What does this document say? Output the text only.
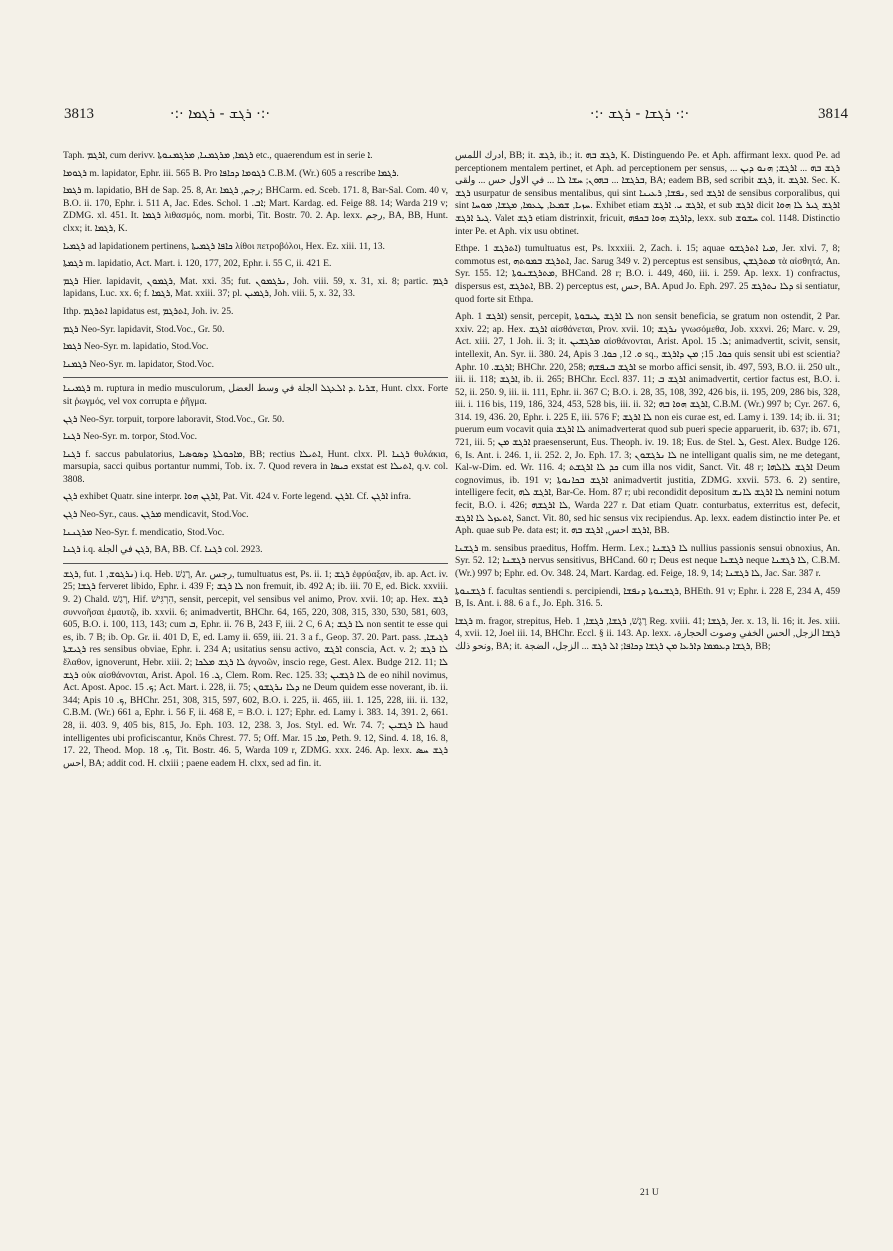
3813	·:· ܪܓܫ - ܪܓܡܐ ·:·	·:· ܪܓܫܐ - ܪܓܫ ·:·	3814

Taph. ܐܪܓܡ, cum derivv. ܪܓܡܐ, ܡܪܓܡܢܐ, ܡܪܓܡܢܘܬܐ etc., quaerendum est in serie ܐ.

ܪܓܘܡܐ m. lapidator, Ephr. iii. 565 B. Pro ܪܓܘܡܐ ܕܟܐܦܐ C.B.M. (Wr.) 605 a rescribe ܪܓܡܐ.

ܪܓܡܐ m. lapidatio, BH de Sap. 25. 8, Ar. رجم, ܪܓܡܐ; BHCarm. ed. Sceb. 171. 8, Bar-Sal. Com. 40 v, B.O. ii. 170, Ephr. i. 511 A, Jac. Edes. Schol. ܐܒ. 1; Mart. Kardag. ed. Feige 88. 14; Warda 219 v; ZDMG. xl. 451. It. ܪܓܡܐ λιθασμός, nom. morbi, Tit. Bostr. 70. 2. Ap. lexx. رجم, BA, BB, Hunt. clxx; it. ܪܓܡܐ, K.

ܪܓܡܝܐ ad lapidationem pertinens, ܟܐܦܐ ܪܓܡܝܬܐ λίθοι πετροβόλοι, Hex. Ez. xiii. 11, 13.

ܪܓܡܬܐ m. lapidatio, Act. Mart. i. 120, 177, 202, Ephr. i. 55 C, ii. 421 E.

ܪܓܡ Hier. lapidavit, ܪܓܡܘܢ, Mat. xxi. 35; fut. ܢܪܓܡܘܢ, Joh. viii. 59, x. 31, xi. 8; partic. ܪܓܡ lapidans, Luc. xx. 6; f. ܪܓܡܐ, Mat. xxiii. 37; pl. ܪܓܡܝܢ, Joh. viii. 5, x. 32, 33.

Ithp. ܐܬܪܓܡ lapidatus est, ܐܬܪܓܡ, Joh. iv. 25.

ܪܓܡ Neo-Syr. lapidavit, Stod.Voc., Gr. 50.

ܪܓܡܐ Neo-Syr. m. lapidatio, Stod.Voc.

ܪܓܡܢܐ Neo-Syr. m. lapidator, Stod.Voc.

ܪܓܡܝܢܐ m. ruptura in medio musculorum, ܫܪܝܐ .ܕ ܐܠܥܓܠ الجلة في وسط العضل, Hunt. clxx. Forte sit ῥωγμός, vel vox corrupta e ῥῆγμα.

ܪܓܢ Neo-Syr. torpuit, torpore laboravit, Stod.Voc., Gr. 50.

ܪܓܢܐ Neo-Syr. m. torpor, Stod.Voc.

ܪܓܢܐ f. saccus pabulatorius, ܡܐܟܘܠܬܐ ܕܣܘܣܝܐ, BB; rectius ܐܬܝܠܐ, Hunt. clxx. Pl. ܪܓܢܐ θυλάκια, marsupia, sacci quibus portantur nummi, Tob. ix. 7. Quod revera in ܟܝܣܐ exstat est ܐܬܝܠܐ, q.v. col. 3808.

ܪܓܢ exhibet Quatr. sine interpr. ܐܪܓܢ ܗܘܐ, Pat. Vit. 424 v. Forte legend. ܐܪܓܢ. Cf. ܐܪܓܢ infra.

ܪܓܢ Neo-Syr., caus. ܡܪܓܢ mendicavit, Stod.Voc.

ܡܪܓܢܢܐ Neo-Syr. f. mendicatio, Stod.Voc.

ܪܓܢܐ i.q. ܪܓܢ في الجلة, BA, BB. Cf. ܪܓܢܐ col. 2923.

ܪܓܫ, fut. ܢܪܓܘܫ, 1) i.q. Heb. רָגַשׁ, Ar. رجس, tumultuatus est, Ps. ii. 1; ܪܓܫ ἐφρύαξαν, ib. ap. Act. iv. 25; ܪܓܫܐ ferveret libido, Ephr. i. 439 F; ܠܐ ܪܓܫ non fremuit, ib. 492 A; ib. iii. 70 E, ed. Bick. xxviii. 9. 2) Chald. רְגַשׁ, Hif. הִרְגִּישׁ, sensit, percepit, vel sensibus vel animo, Prov. xvii. 10; ap. Hex. ܪܓܫ συννοῆσαι ἐμαυτῷ, ib. xxvii. 6; animadvertit, BHChr. 64, 165, 220, 308, 315, 330, 530, 581, 603, 605, B.O. i. 100, 113, 143; cum ܒ, Ephr. ii. 76 B, 243 F, iii. 2 C, 6 A; ܠܐ ܪܓܫ non sentit te esse qui es, ib. 7 B; ib. Op. Gr. ii. 401 D, E, ed. Lamy ii. 659, iii. 21. 3 a f., Geop. 37. 20. Part. pass. ܪܓܝܫܐ, ܪܓܝܫܬܐ res sensibus obviae, Ephr. i. 234 A; usitatius sensu activo, ܐܪܓܫ conscia, Act. v. 2; ܠܐ ܪܓܫ ἔλαθον, ignoverunt, Hebr. xiii. 2; ܠܐ ܪܓܫ ܡܠܟܐ ἀγνοῶν, inscio rege, Gest. Alex. Budge 212. 11; ܠܐ ܪܓܫ οὐκ αἰσθάνονται, Arist. Apol. ܓ. 16, Clem. Rom. Rec. 125. 33; ܠܐ ܪܓܫܝܢ de eo nihil novimus, Act. Apost. Apoc. ܟ. 15; Act. Mart. i. 228, ii. 75; ܕܠܐ ܢܪܓܫܘܢ ne Deum quidem esse noverant, ib. ii. 344; Apis ܟ. 10, BHChr. 251, 308, 315, 597, 602, B.O. i. 225, ii. 465, iii. 1. 125, 228, iii. ii. 132, C.B.M. (Wr.) 661 a, Ephr. i. 56 F, ii. 468 E, = B.O. i. 127; Ephr. ed. Lamy i. 383. 14, 391. 2, 661. 28, ii. 403. 9, 405 bis, 815, Jo. Eph. 103. 12, 238. 3, Jos. Styl. ed. Wr. 74. 7; ܠܐ ܪܓܫܝܢ haud intelligentes ubi proficiscantur, Knös Chrest. 77. 5; Off. Mar. ܡܐ. 15, Peth. 9. 12, Sind. 4. 18, 16. 8, 17. 22, Theod. Mop. ܟ. 18, Tit. Bostr. 46. 5, Warda 109 r, ZDMG. xxx. 246. Ap. lexx. ܪܓܫ ܚܣ احس, BA; addit cod. H. clxiii ; paene eadem H. clxx, sed ad fin. it.

ادرك اللمس, BB; it. ܪܓܫ, ib.; it. ܪܓܫ ܒܗ, K. Distinguendo Pe. et Aph. affirmant lexx. quod Pe. ad perceptionem mentalem pertinet, et Aph. ad perceptionem per sensus, ܪܓܫ ܒܗ ... ܐܪܓܫ; ܗܢܘ ܕܝܢ ... ܒܪܓܫܐ ... ܒܗܘܢ; ܚܫܐ ܠܐ ... في الاول حس ... ولقى, BA; eadem BB, sed scribit ܪܓܫ, it. ܐܪܓܫ. Sec. K. ܪܓܫ usurpatur de sensibus mentalibus, qui sint ܢܦܫܐ, ܪܥܝܢܐ, sed ܐܪܓܫ de sensibus corporalibus, qui sint ܚܙܝܐ, ܫܡܥܐ, ܛܥܡܐ, ܡܓܫܐ, ܡܘܚܐ. Exhibet etiam ܐܪܓܫ ܝ. ܐܪܓܫ, et sub ܐܪܓܫ dicit ܐܪܓܫ ܓܝܪ ܠܐ ܗܘܐ ܓܝܪ ܐܪܓܫ. Valet ܪܓܫ etiam distrinxit, fricuit, ܕܐܪܓܫ ܗܘܐ ܒܟܦܗ, lexx. sub ܚܫܘܫ col. 1148. Distinctio inter Pe. et Aph. vix usu obtinet.

Ethpe. ܐܬܪܓܫ 1) tumultuatus est, Ps. lxxxiii. 2, Zach. i. 15; aquae ܡܝܐ ܐܬܪܓܫܘ, Jer. xlvi. 7, 8; commotus est, ܐܬܪܓܫ ܒܡܘܬܗ, Jac. Sarug 349 v. 2) perceptus est sensibus, ܡܬܪܓܫܢ τὰ αἰσθητά, An. Syr. 155. 12; ܡܬܪܓܫܢܘܬܐ, BHCand. 28 r; B.O. i. 449, 460, iii. i. 259. Ap. lexx. 1) confractus, dispersus est, ܐܬܪܓܫ, BB. 2) perceptus est, حس, BA. Apud Jo. Eph. 297. 25 ܕܠܐ ܢܬܪܓܫ si sentiatur, quod forte sit Ethpa.

Aph. ܐܪܓܫ 1) sensit, percepit, ܠܐ ܐܪܓܫ ܛܝܒܘܬܐ non sensit beneficia, se gratum non ostendit, 2 Par. xxiv. 22; ap. Hex. ܐܪܓܫ αἰσθάνεται, Prov. xvii. 10; ܢܪܓܫ γνωσόμεθα, Job. xxxvi. 26; Marc. v. 29, Act. xiii. 27, 1 Joh. ii. 3; it. ܡܪܓܫܝܢ αἰσθάνονται, Arist. Apol. ܠ. 15; animadvertit, scivit, sensit, intellexit, An. Syr. ii. 380. 24, Apis ܘ. 12, ܟܘܐ. 3 sq., ܟܘܐ. 15; ܡܢ ܕܐܪܓܫ quis sensit ubi est scientia? Aphr. ܐܪܓܫ. 10; BHChr. 220, 258; ܐܪܓܫ ܒܢܦܫܗ se morbo affici sensit, ib. 497, 593, B.O. ii. 250 ult., iii. ii. 118; ܐܪܓܫ, ib. ii. 265; BHChr. Eccl. 837. 11; ܐܪܓܫ ܒ animadvertit, certior factus est, B.O. i. 52, ii. 250. 9, iii. ii. 111, Ephr. ii. 367 C; B.O. i. 28, 35, 108, 392, 426 bis, ii. 195, 209, 286 bis, 328, iii. i. 116 bis, 119, 186, 324, 453, 528 bis, iii. ii. 32; ܐܪܓܫ ܗܘܐ ܒܗ, C.B.M. (Wr.) 997 b; Cyr. 267. 6, 314. 19, 436. 20, Ephr. i. 225 E, iii. 576 F; ܠܐ ܐܪܓܫ non eis curae est, ed. Lamy i. 139. 14; ib. ii. 31; puerum eum vocavit quia ܠܐ ܐܪܓܫ animadverterat quod sub pueri specie apparuerit, ib. 637; ib. 671, 721, iii. 5; ܐܪܓܫ ܡܢ praesenserunt, Eus. Theoph. iv. 19. 18; Eus. de Stel. ܠ, Gest. Alex. Budge 126. 6, Is. Ant. i. 246. 1, ii. 252. 2, Jo. Eph. 17. 3; ܠܐ ܢܪܓܫܘܢ ne intelligant qualis sim, ne me detegant, Kal-w-Dim. ed. Wr. 116. 4; ܟܕ ܠܐ ܐܪܓܫܬ cum illa nos vidit, Sanct. Vit. 48 r; ܐܪܓܫ ܠܐܠܗܐ Deum cognovimus, ib. 191 v; ܐܪܓܫ ܒܟܐܢܘܬܐ animadvertit justitia, ZDMG. xxvii. 573. 6. 2) sentire, intelligere fecit, ܐܪܓܫ ܠܗ, Bar-Ce. Hom. 87 r; ubi recondidit depositum ܠܐ ܐܪܓܫ ܠܐܢܫ nemini notum fecit, B.O. i. 426; ܠܐ ܐܪܓܫܗ, Warda 227 r. Dat etiam Quatr. conturbatus, exterritus est, defecit, ܐܬܥܙܠ ܠܐ ܐܪܓܫ, Sanct. Vit. 80, sed hic sensus vix recipiendus. Ap. lexx. eadem distinctio inter Pe. et Aph. quae sub Pe. data est; it. ܐܪܓܫ احس, ܐܪܓܫ ܒܗ, BB.

ܪܓܫܢܐ m. sensibus praeditus, Hoffm. Herm. Lex.; ܠܐ ܪܓܫܢܐ nullius passionis sensui obnoxius, An. Syr. 52. 12; ܪܓܫܢܐ nervus sensitivus, BHCand. 60 r; Deus est neque ܪܓܫܢܐ neque ܠܐ ܪܓܫܢܐ, C.B.M. (Wr.) 997 b; Ephr. ed. Ov. 348. 24, Mart. Kardag. ed. Feige, 18. 9, 14; ܠܐ ܪܓܫܢܐ, Jac. Sar. 387 r.

ܪܓܫܢܘܬܐ f. facultas sentiendi s. percipiendi, ܪܓܫܢܘܬܐ ܕܢܦܫܐ, BHEth. 91 v; Ephr. i. 228 E, 234 A, 459 B, Is. Ant. i. 88. 6 a f., Jo. Eph. 316. 5.

ܪܓܫܐ m. fragor, strepitus, Heb. רֶגֶשׁ, ܪܓܫܐ, ܪܓܫܐ, 1 Reg. xviii. 41; ܪܓܫܐ, Jer. x. 13, li. 16; it. Jes. xiii. 4, xvii. 12, Joel iii. 14, BHChr. Eccl. § ii. 143. Ap. lexx. ܪܓܫܐ الزجل, الحس الخفي وصوت الحجارة، ونحو ذلك, BA; it. ܪܓܫܐ ܕܥܡܡܐ ܕܐܪܥܐ ܡܢ ܪܓܫܐ ܕܟܐܦܐ; ܐܠ ܪܓܫ ... الزجل، الضجة, BB;

21 U
